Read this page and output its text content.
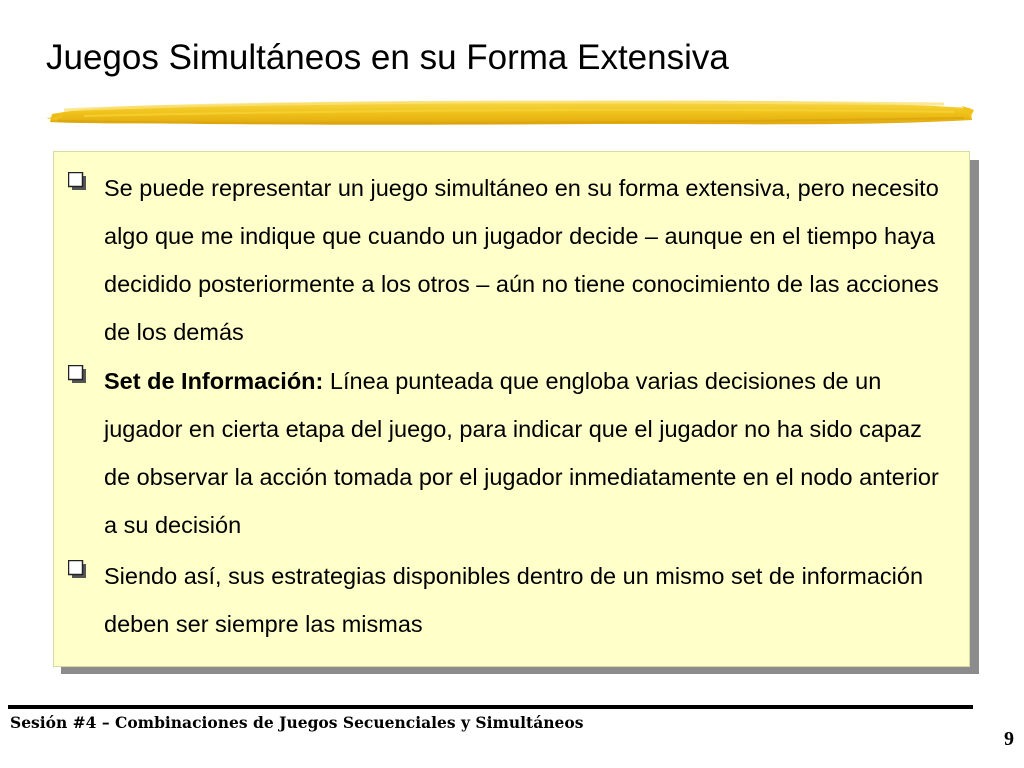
Juegos Simultáneos en su Forma Extensiva
Se puede representar un juego simultáneo en su forma extensiva, pero necesito algo que me indique que cuando un jugador decide – aunque en el tiempo haya decidido posteriormente a los otros – aún no tiene conocimiento de las acciones de los demás
Set de Información: Línea punteada que engloba varias decisiones de un jugador en cierta etapa del juego, para indicar que el jugador no ha sido capaz de observar la acción tomada por el jugador inmediatamente en el nodo anterior a su decisión
Siendo así, sus estrategias disponibles dentro de un mismo set de información deben ser siempre las mismas
Sesión #4 – Combinaciones de Juegos Secuenciales y Simultáneos
9
